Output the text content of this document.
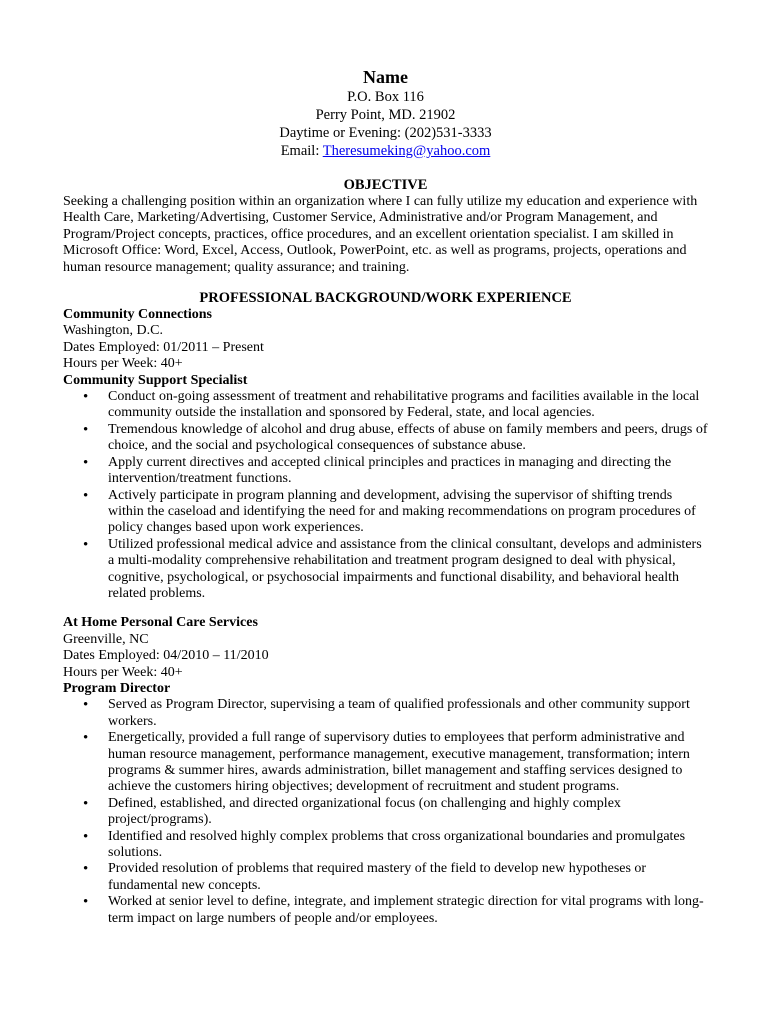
Name
P.O. Box 116
Perry Point, MD. 21902
Daytime or Evening: (202)531-3333
Email: Theresumeking@yahoo.com
OBJECTIVE

Seeking a challenging position within an organization where I can fully utilize my education and experience with Health Care, Marketing/Advertising, Customer Service, Administrative and/or Program Management, and Program/Project concepts, practices, office procedures, and an excellent orientation specialist. I am skilled in Microsoft Office: Word, Excel, Access, Outlook, PowerPoint, etc. as well as programs, projects, operations and human resource management; quality assurance; and training.

PROFESSIONAL BACKGROUND/WORK EXPERIENCE
Community Connections
Washington, D.C.
Dates Employed: 01/2011 – Present
Hours per Week: 40+
Community Support Specialist
• Conduct on-going assessment of treatment and rehabilitative programs and facilities available in the local community outside the installation and sponsored by Federal, state, and local agencies.
• Tremendous knowledge of alcohol and drug abuse, effects of abuse on family members and peers, drugs of choice, and the social and psychological consequences of substance abuse.
• Apply current directives and accepted clinical principles and practices in managing and directing the intervention/treatment functions.
• Actively participate in program planning and development, advising the supervisor of shifting trends within the caseload and identifying the need for and making recommendations on program procedures of policy changes based upon work experiences.
• Utilized professional medical advice and assistance from the clinical consultant, develops and administers a multi-modality comprehensive rehabilitation and treatment program designed to deal with physical, cognitive, psychological, or psychosocial impairments and functional disability, and behavioral health related problems.
At Home Personal Care Services
Greenville, NC
Dates Employed: 04/2010 – 11/2010
Hours per Week: 40+
Program Director
• Served as Program Director, supervising a team of qualified professionals and other community support workers.
• Energetically, provided a full range of supervisory duties to employees that perform administrative and human resource management, performance management, executive management, transformation; intern programs & summer hires, awards administration, billet management and staffing services designed to achieve the customers hiring objectives; development of recruitment and student programs.
• Defined, established, and directed organizational focus (on challenging and highly complex project/programs).
• Identified and resolved highly complex problems that cross organizational boundaries and promulgates solutions.
• Provided resolution of problems that required mastery of the field to develop new hypotheses or fundamental new concepts.
• Worked at senior level to define, integrate, and implement strategic direction for vital programs with long-term impact on large numbers of people and/or employees.
